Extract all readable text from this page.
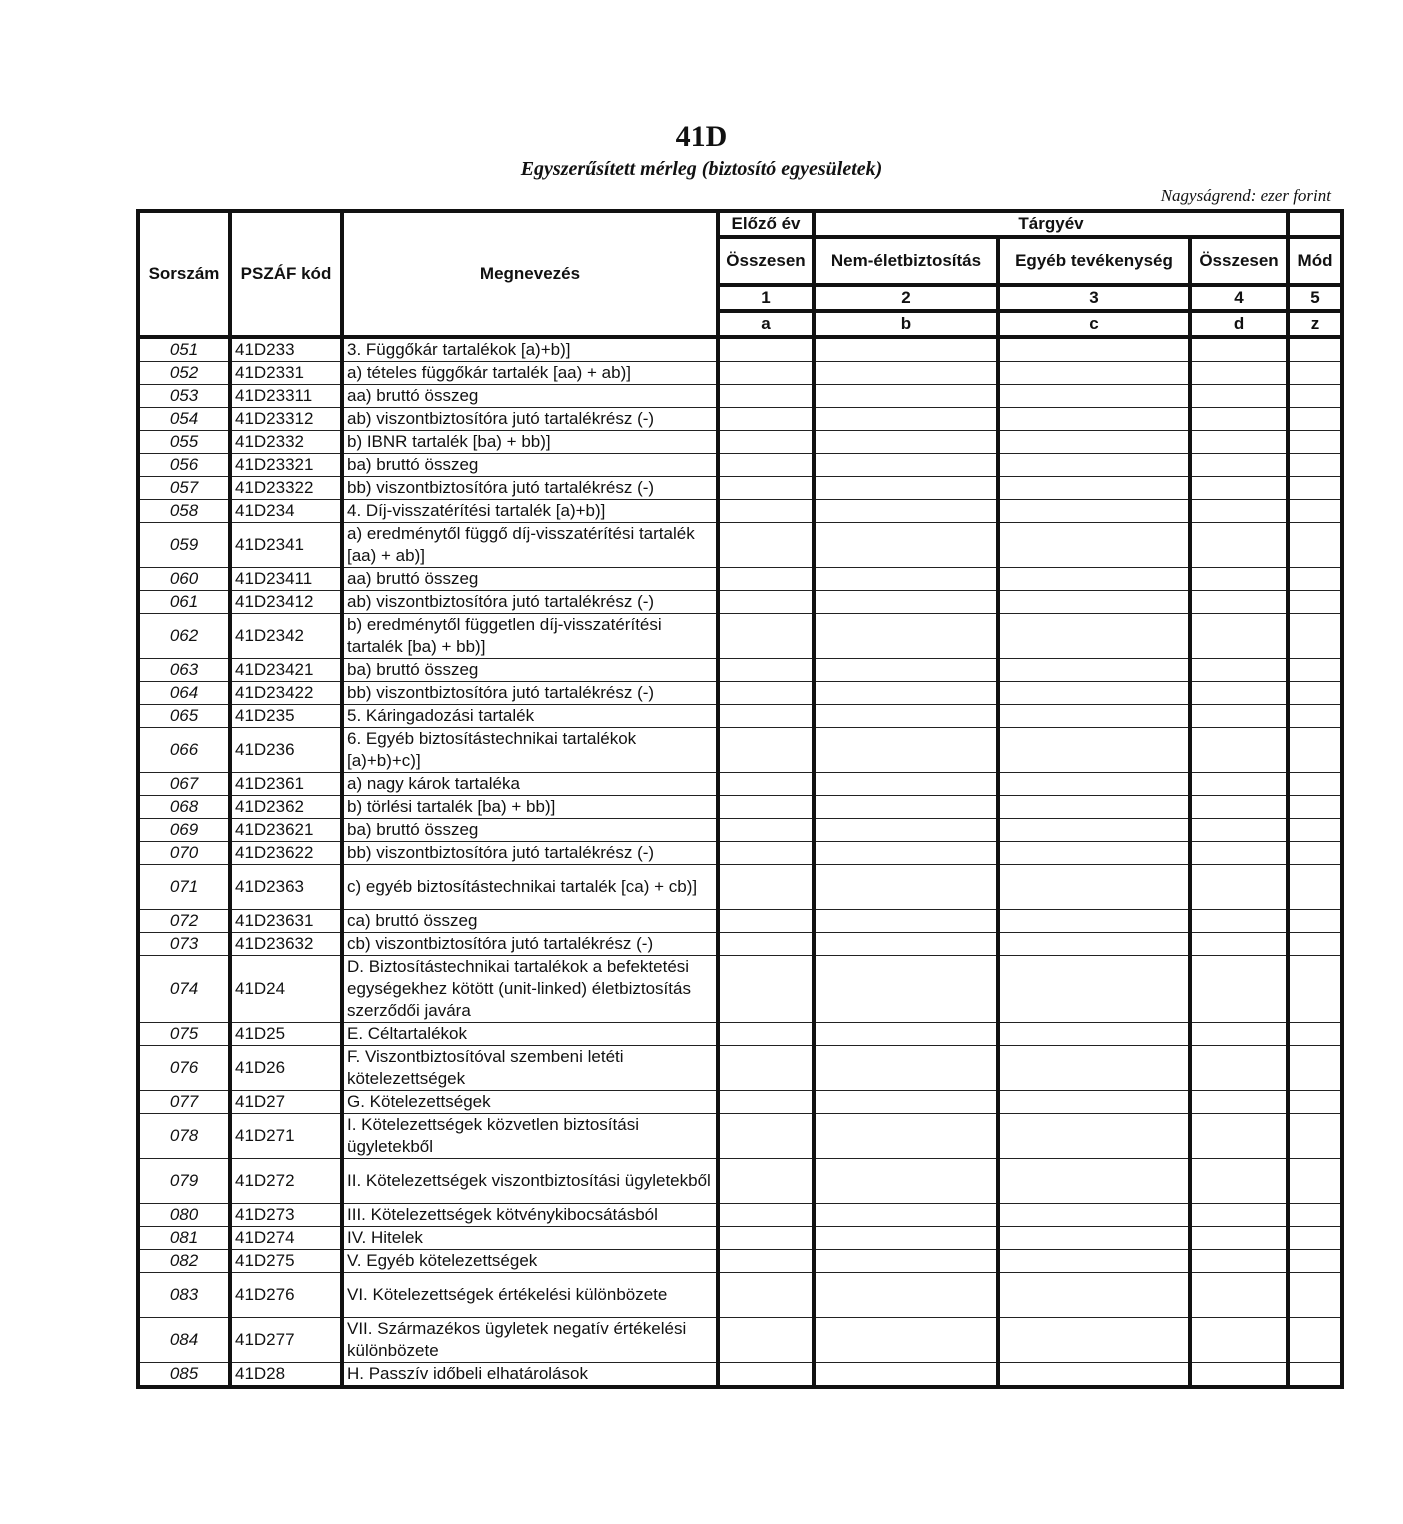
41D
Egyszerűsített mérleg (biztosító egyesületek)
Nagyságrend: ezer forint
Sorszám	PSZÁF kód	Megnevezés	Előző év	Tárgyév			
			Összesen	Nem-életbiztosítás	Egyéb tevékenység	Összesen	Mód
			1	2	3	4	5
			a	b	c	d	z
051	41D233	3. Függőkár tartalékok [a)+b)]					
052	41D2331	a) tételes függőkár tartalék [aa) + ab)]					
053	41D23311	aa) bruttó összeg					
054	41D23312	ab) viszontbiztosítóra jutó tartalékrész (-)					
055	41D2332	b) IBNR tartalék [ba) + bb)]					
056	41D23321	ba) bruttó összeg					
057	41D23322	bb) viszontbiztosítóra jutó tartalékrész (-)					
058	41D234	4. Díj-visszatérítési tartalék [a)+b)]					
059	41D2341	a) eredménytől függő díj-visszatérítési tartalék [aa) + ab)]					
060	41D23411	aa) bruttó összeg					
061	41D23412	ab) viszontbiztosítóra jutó tartalékrész (-)					
062	41D2342	b) eredménytől független díj-visszatérítési tartalék [ba) + bb)]					
063	41D23421	ba) bruttó összeg					
064	41D23422	bb) viszontbiztosítóra jutó tartalékrész (-)					
065	41D235	5. Káringadozási tartalék					
066	41D236	6. Egyéb biztosítástechnikai tartalékok [a)+b)+c)]					
067	41D2361	a) nagy károk tartaléka					
068	41D2362	b) törlési tartalék [ba) + bb)]					
069	41D23621	ba) bruttó összeg					
070	41D23622	bb) viszontbiztosítóra jutó tartalékrész (-)					
071	41D2363	c) egyéb biztosítástechnikai tartalék [ca) + cb)]					
072	41D23631	ca) bruttó összeg					
073	41D23632	cb) viszontbiztosítóra jutó tartalékrész (-)					
074	41D24	D. Biztosítástechnikai tartalékok a befektetési egységekhez kötött (unit-linked) életbiztosítás szerződői javára					
075	41D25	E. Céltartalékok					
076	41D26	F. Viszontbiztosítóval szembeni letéti kötelezettségek					
077	41D27	G. Kötelezettségek					
078	41D271	I. Kötelezettségek közvetlen biztosítási ügyletekből					
079	41D272	II. Kötelezettségek viszontbiztosítási ügyletekből					
080	41D273	III. Kötelezettségek kötvénykibocsátásból					
081	41D274	IV. Hitelek					
082	41D275	V. Egyéb kötelezettségek					
083	41D276	VI. Kötelezettségek értékelési különbözete					
084	41D277	VII. Származékos ügyletek negatív értékelési különbözete					
085	41D28	H. Passzív időbeli elhatárolások					
